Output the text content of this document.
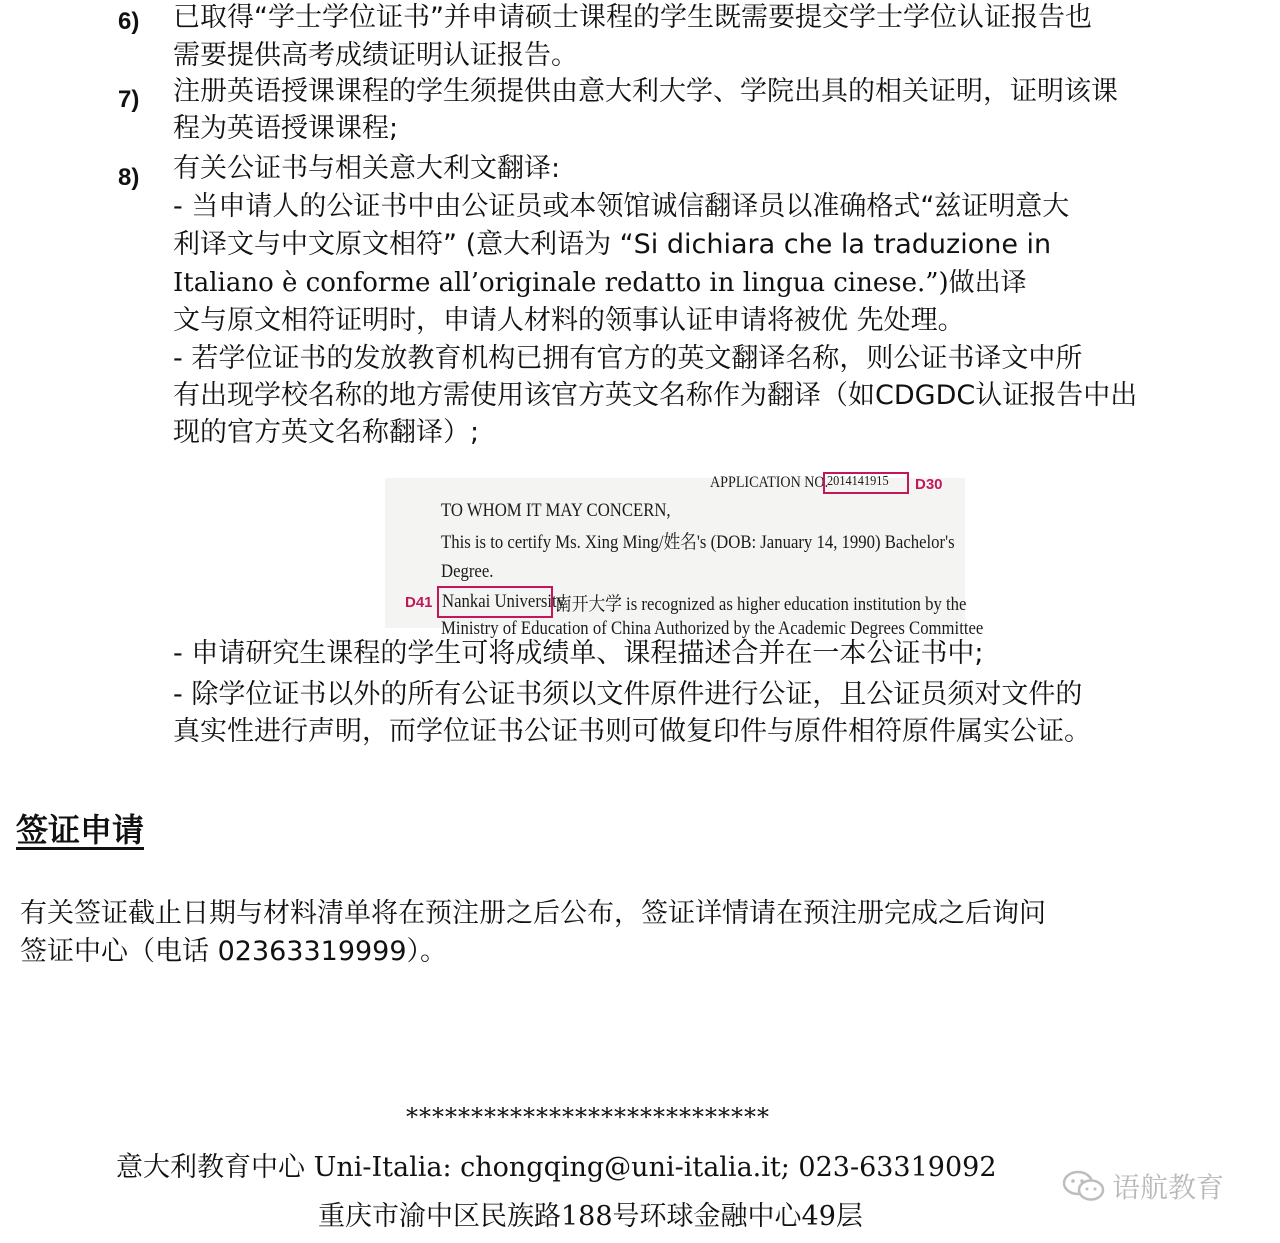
6) 已取得“学士学位证书”并申请硕士课程的学生既需要提交学士学位认证报告也
需要提供高考成绩证明认证报告。
7) 注册英语授课课程的学生须提供由意大利大学、学院出具的相关证明，证明该课
程为英语授课课程;
8) 有关公证书与相关意大利文翻译:
- 当申请人的公证书中由公证员或本领馆诚信翻译员以准确格式“兹证明意大
利译文与中文原文相符” (意大利语为 “Si dichiara che la traduzione in
Italiano è conforme all’originale redatto in lingua cinese.”)做出译
文与原文相符证明时，申请人材料的领事认证申请将被优 先处理。
- 若学位证书的发放教育机构已拥有官方的英文翻译名称，则公证书译文中所
有出现学校名称的地方需使用该官方英文名称作为翻译（如CDGDC认证报告中出
现的官方英文名称翻译）;
APPLICATION NO.
2014141915 D30
TO WHOM IT MAY CONCERN,
This is to certify Ms. Xing Ming/姓名's (DOB: January 14, 1990) Bachelor's
Degree.
D41 Nankai University
南开大学 is recognized as higher education institution by the
Ministry of Education of China Authorized by the Academic Degrees Committee
- 申请研究生课程的学生可将成绩单、课程描述合并在一本公证书中;
- 除学位证书以外的所有公证书须以文件原件进行公证，且公证员须对文件的
真实性进行声明，而学位证书公证书则可做复印件与原件相符原件属实公证。
签证申请
有关签证截止日期与材料清单将在预注册之后公布，签证详情请在预注册完成之后询问
签证中心（电话 02363319999）。
****************************
意大利教育中心 Uni-Italia: chongqing@uni-italia.it; 023-63319092
重庆市渝中区民族路188号环球金融中心49层
语航教育
